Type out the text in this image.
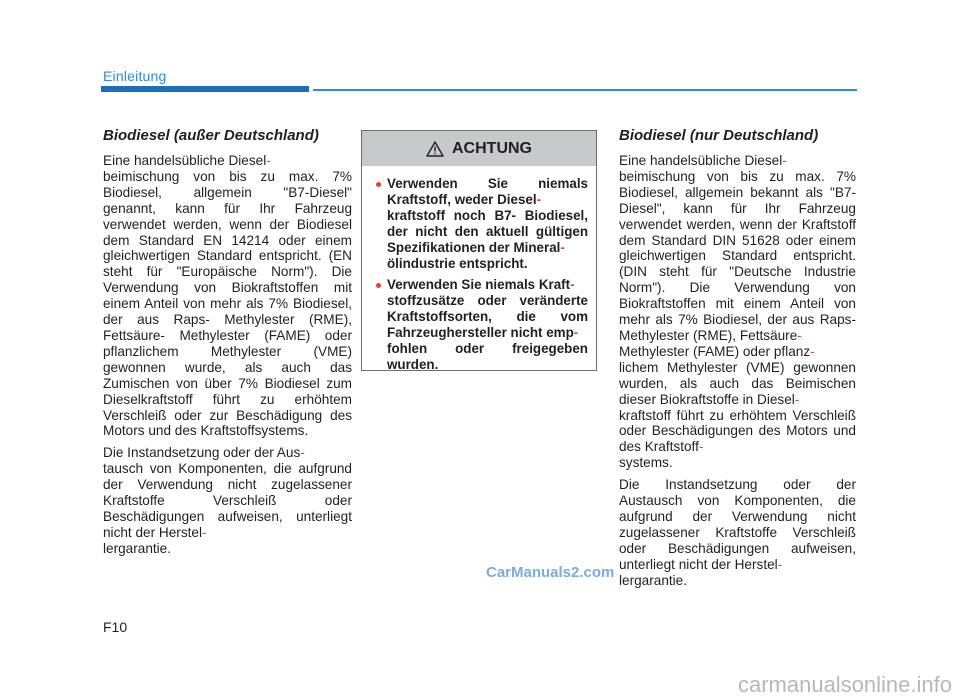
Einleitung
Biodiesel (außer Deutschland)

Eine handelsübliche Diesel-
beimischung von bis zu max. 7% Biodiesel, allgemein "B7-Diesel" genannt, kann für Ihr Fahrzeug verwendet werden, wenn der Biodiesel dem Standard EN 14214 oder einem gleichwertigen Standard entspricht. (EN steht für "Europäische Norm"). Die Verwendung von Biokraftstoffen mit einem Anteil von mehr als 7% Biodiesel, der aus Raps- Methylester (RME), Fettsäure- Methylester (FAME) oder pflanzlichem Methylester (VME) gewonnen wurde, als auch das Zumischen von über 7% Biodiesel zum Dieselkraftstoff führt zu erhöhtem Verschleiß oder zur Beschädigung des Motors und des Kraftstoffsystems.

Die Instandsetzung oder der Aus-
tausch von Komponenten, die aufgrund der Verwendung nicht zugelassener Kraftstoffe Verschleiß oder Beschädigungen aufweisen, unterliegt nicht der Herstel-
lergarantie.

ACHTUNG
Verwenden Sie niemals Kraftstoff, weder Diesel-
kraftstoff noch B7- Biodiesel, der nicht den aktuell gültigen Spezifikationen der Mineral-
ölindustrie entspricht.
Verwenden Sie niemals Kraft-
stoffzusätze oder veränderte Kraftstoffsorten, die vom Fahrzeughersteller nicht emp-
fohlen oder freigegeben wurden.
Biodiesel (nur Deutschland)

Eine handelsübliche Diesel-
beimischung von bis zu max. 7% Biodiesel, allgemein bekannt als "B7-Diesel", kann für Ihr Fahrzeug verwendet werden, wenn der Kraftstoff dem Standard DIN 51628 oder einem gleichwertigen Standard entspricht. (DIN steht für "Deutsche Industrie Norm"). Die Verwendung von Biokraftstoffen mit einem Anteil von mehr als 7% Biodiesel, der aus Raps- Methylester (RME), Fettsäure-
Methylester (FAME) oder pflanz-
lichem Methylester (VME) gewonnen wurden, als auch das Beimischen dieser Biokraftstoffe in Diesel-
kraftstoff führt zu erhöhtem Verschleiß oder Beschädigungen des Motors und des Kraftstoff-
systems.

Die Instandsetzung oder der Austausch von Komponenten, die aufgrund der Verwendung nicht zugelassener Kraftstoffe Verschleiß oder Beschädigungen aufweisen, unterliegt nicht der Herstel-
lergarantie.

CarManuals2.com
F10
carmanualsonline.info
